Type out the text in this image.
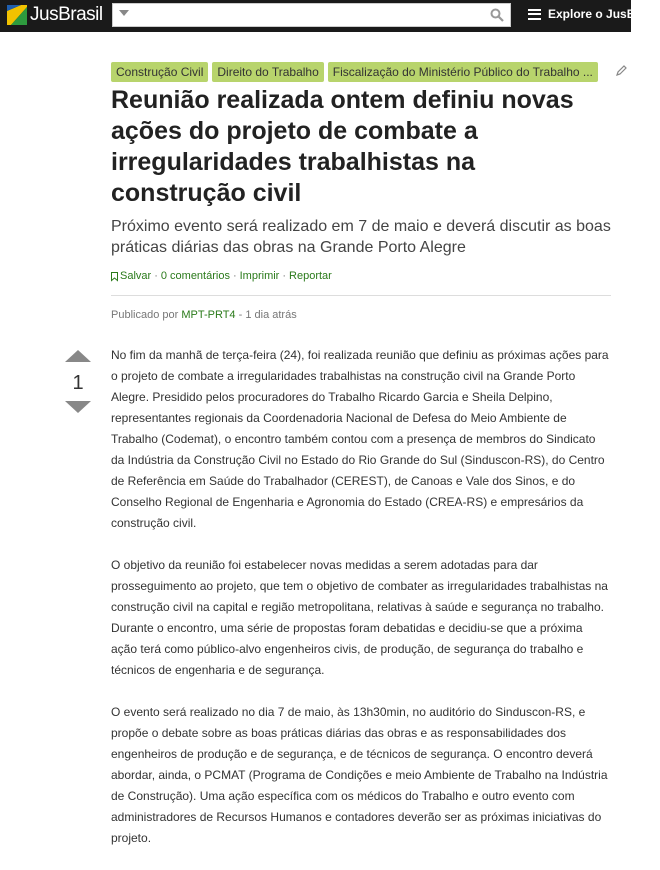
JusBrasil	Explore o JusBrasil
Construção Civil	Direito do Trabalho	Fiscalização do Ministério Público do Trabalho ...
Reunião realizada ontem definiu novas ações do projeto de combate a irregularidades trabalhistas na construção civil

Próximo evento será realizado em 7 de maio e deverá discutir as boas práticas diárias das obras na Grande Porto Alegre

Salvar · 0 comentários · Imprimir · Reportar
Publicado por MPT-PRT4 - 1 dia atrás
1

No fim da manhã de terça-feira (24), foi realizada reunião que definiu as próximas ações para o projeto de combate a irregularidades trabalhistas na construção civil na Grande Porto Alegre. Presidido pelos procuradores do Trabalho Ricardo Garcia e Sheila Delpino, representantes regionais da Coordenadoria Nacional de Defesa do Meio Ambiente de Trabalho (Codemat), o encontro também contou com a presença de membros do Sindicato da Indústria da Construção Civil no Estado do Rio Grande do Sul (Sinduscon-RS), do Centro de Referência em Saúde do Trabalhador (CEREST), de Canoas e Vale dos Sinos, e do Conselho Regional de Engenharia e Agronomia do Estado (CREA-RS) e empresários da construção civil.

O objetivo da reunião foi estabelecer novas medidas a serem adotadas para dar prosseguimento ao projeto, que tem o objetivo de combater as irregularidades trabalhistas na construção civil na capital e região metropolitana, relativas à saúde e segurança no trabalho. Durante o encontro, uma série de propostas foram debatidas e decidiu-se que a próxima ação terá como público-alvo engenheiros civis, de produção, de segurança do trabalho e técnicos de engenharia e de segurança.

O evento será realizado no dia 7 de maio, às 13h30min, no auditório do Sinduscon-RS, e propõe o debate sobre as boas práticas diárias das obras e as responsabilidades dos engenheiros de produção e de segurança, e de técnicos de segurança. O encontro deverá abordar, ainda, o PCMAT (Programa de Condições e meio Ambiente de Trabalho na Indústria de Construção). Uma ação específica com os médicos do Trabalho e outro evento com administradores de Recursos Humanos e contadores deverão ser as próximas iniciativas do projeto.
